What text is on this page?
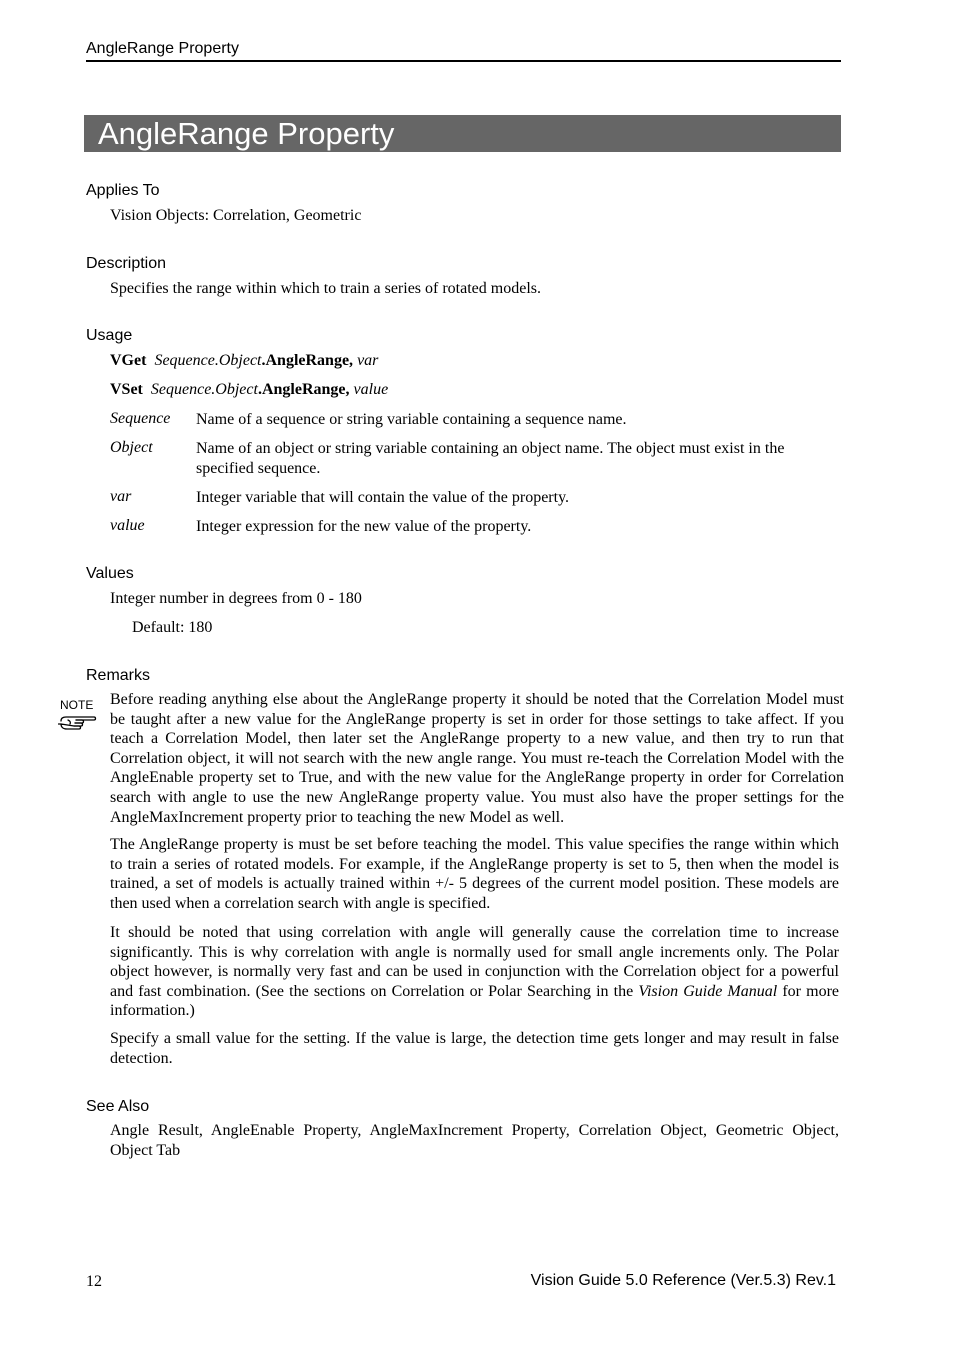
AngleRange Property
AngleRange Property
Applies To
Vision Objects: Correlation, Geometric
Description
Specifies the range within which to train a series of rotated models.
Usage
VGet Sequence.Object.AngleRange, var
VSet Sequence.Object.AngleRange, value
Sequence Name of a sequence or string variable containing a sequence name.
Object	Name of an object or string variable containing an object name. The object must exist in the specified sequence.
var	Integer variable that will contain the value of the property.
value	Integer expression for the new value of the property.
Values
Integer number in degrees from 0 - 180
Default: 180
Remarks
NOTE Before reading anything else about the AngleRange property it should be noted that the Correlation Model must be taught after a new value for the AngleRange property is set in order for those settings to take affect. If you teach a Correlation Model, then later set the AngleRange property to a new value, and then try to run that Correlation object, it will not search with the new angle range. You must re-teach the Correlation Model with the AngleEnable property set to True, and with the new value for the AngleRange property in order for Correlation search with angle to use the new AngleRange property value. You must also have the proper settings for the AngleMaxIncrement property prior to teaching the new Model as well.
The AngleRange property is must be set before teaching the model. This value specifies the range within which to train a series of rotated models. For example, if the AngleRange property is set to 5, then when the model is trained, a set of models is actually trained within +/- 5 degrees of the current model position. These models are then used when a correlation search with angle is specified.
It should be noted that using correlation with angle will generally cause the correlation time to increase significantly. This is why correlation with angle is normally used for small angle increments only. The Polar object however, is normally very fast and can be used in conjunction with the Correlation object for a powerful and fast combination. (See the sections on Correlation or Polar Searching in the Vision Guide Manual for more information.)
Specify a small value for the setting. If the value is large, the detection time gets longer and may result in false detection.
See Also
Angle Result, AngleEnable Property, AngleMaxIncrement Property, Correlation Object, Geometric Object, Object Tab
12	Vision Guide 5.0 Reference (Ver.5.3) Rev.1
